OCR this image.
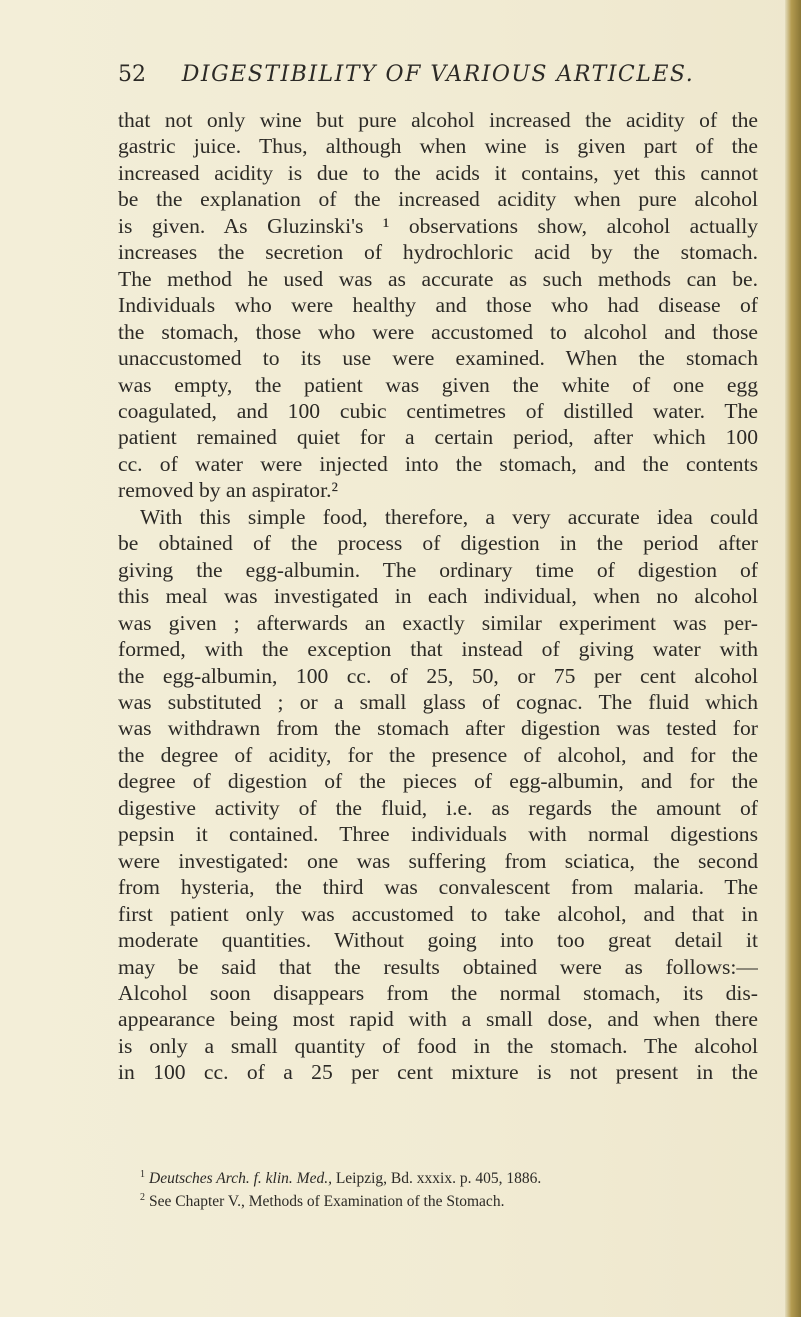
52	DIGESTIBILITY OF VARIOUS ARTICLES.
that not only wine but pure alcohol increased the acidity of the
gastric juice. Thus, although when wine is given part of the
increased acidity is due to the acids it contains, yet this cannot
be the explanation of the increased acidity when pure alcohol
is given. As Gluzinski's ¹ observations show, alcohol actually
increases the secretion of hydrochloric acid by the stomach.
The method he used was as accurate as such methods can be.
Individuals who were healthy and those who had disease of
the stomach, those who were accustomed to alcohol and those
unaccustomed to its use were examined. When the stomach
was empty, the patient was given the white of one egg
coagulated, and 100 cubic centimetres of distilled water. The
patient remained quiet for a certain period, after which 100
cc. of water were injected into the stomach, and the contents
removed by an aspirator.²
With this simple food, therefore, a very accurate idea could
be obtained of the process of digestion in the period after
giving the egg-albumin. The ordinary time of digestion of
this meal was investigated in each individual, when no alcohol
was given ; afterwards an exactly similar experiment was per-
formed, with the exception that instead of giving water with
the egg-albumin, 100 cc. of 25, 50, or 75 per cent alcohol
was substituted ; or a small glass of cognac. The fluid which
was withdrawn from the stomach after digestion was tested for
the degree of acidity, for the presence of alcohol, and for the
degree of digestion of the pieces of egg-albumin, and for the
digestive activity of the fluid, i.e. as regards the amount of
pepsin it contained. Three individuals with normal digestions
were investigated: one was suffering from sciatica, the second
from hysteria, the third was convalescent from malaria. The
first patient only was accustomed to take alcohol, and that in
moderate quantities. Without going into too great detail it
may be said that the results obtained were as follows:—
Alcohol soon disappears from the normal stomach, its dis-
appearance being most rapid with a small dose, and when there
is only a small quantity of food in the stomach. The alcohol
in 100 cc. of a 25 per cent mixture is not present in the
$^1$ Deutsches Arch. f. klin. Med., Leipzig, Bd. xxxix. p. 405, 1886.
$^2$ See Chapter V., Methods of Examination of the Stomach.
